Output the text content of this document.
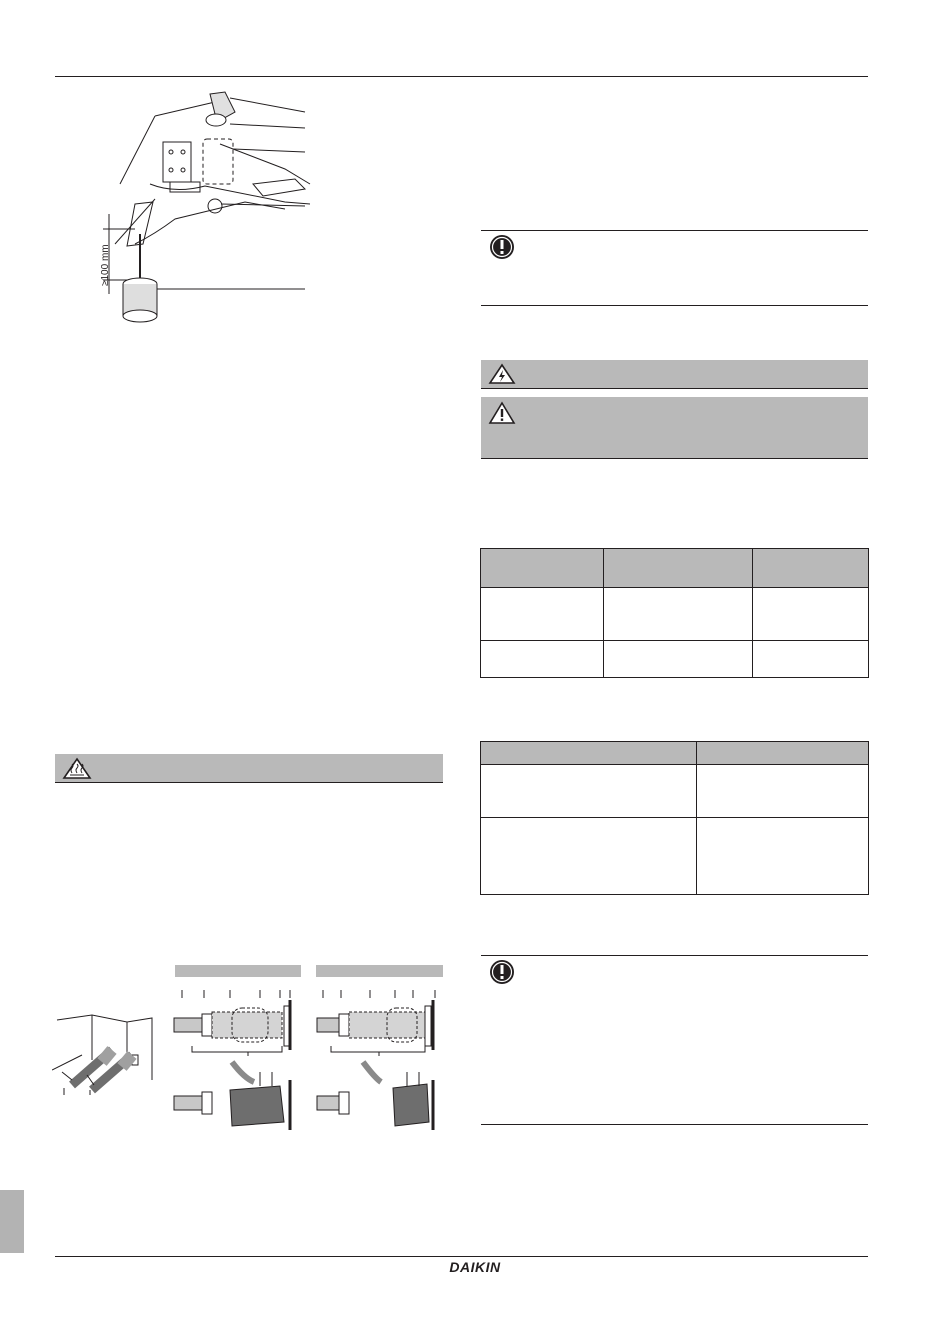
≥100 mm

DAIKIN
